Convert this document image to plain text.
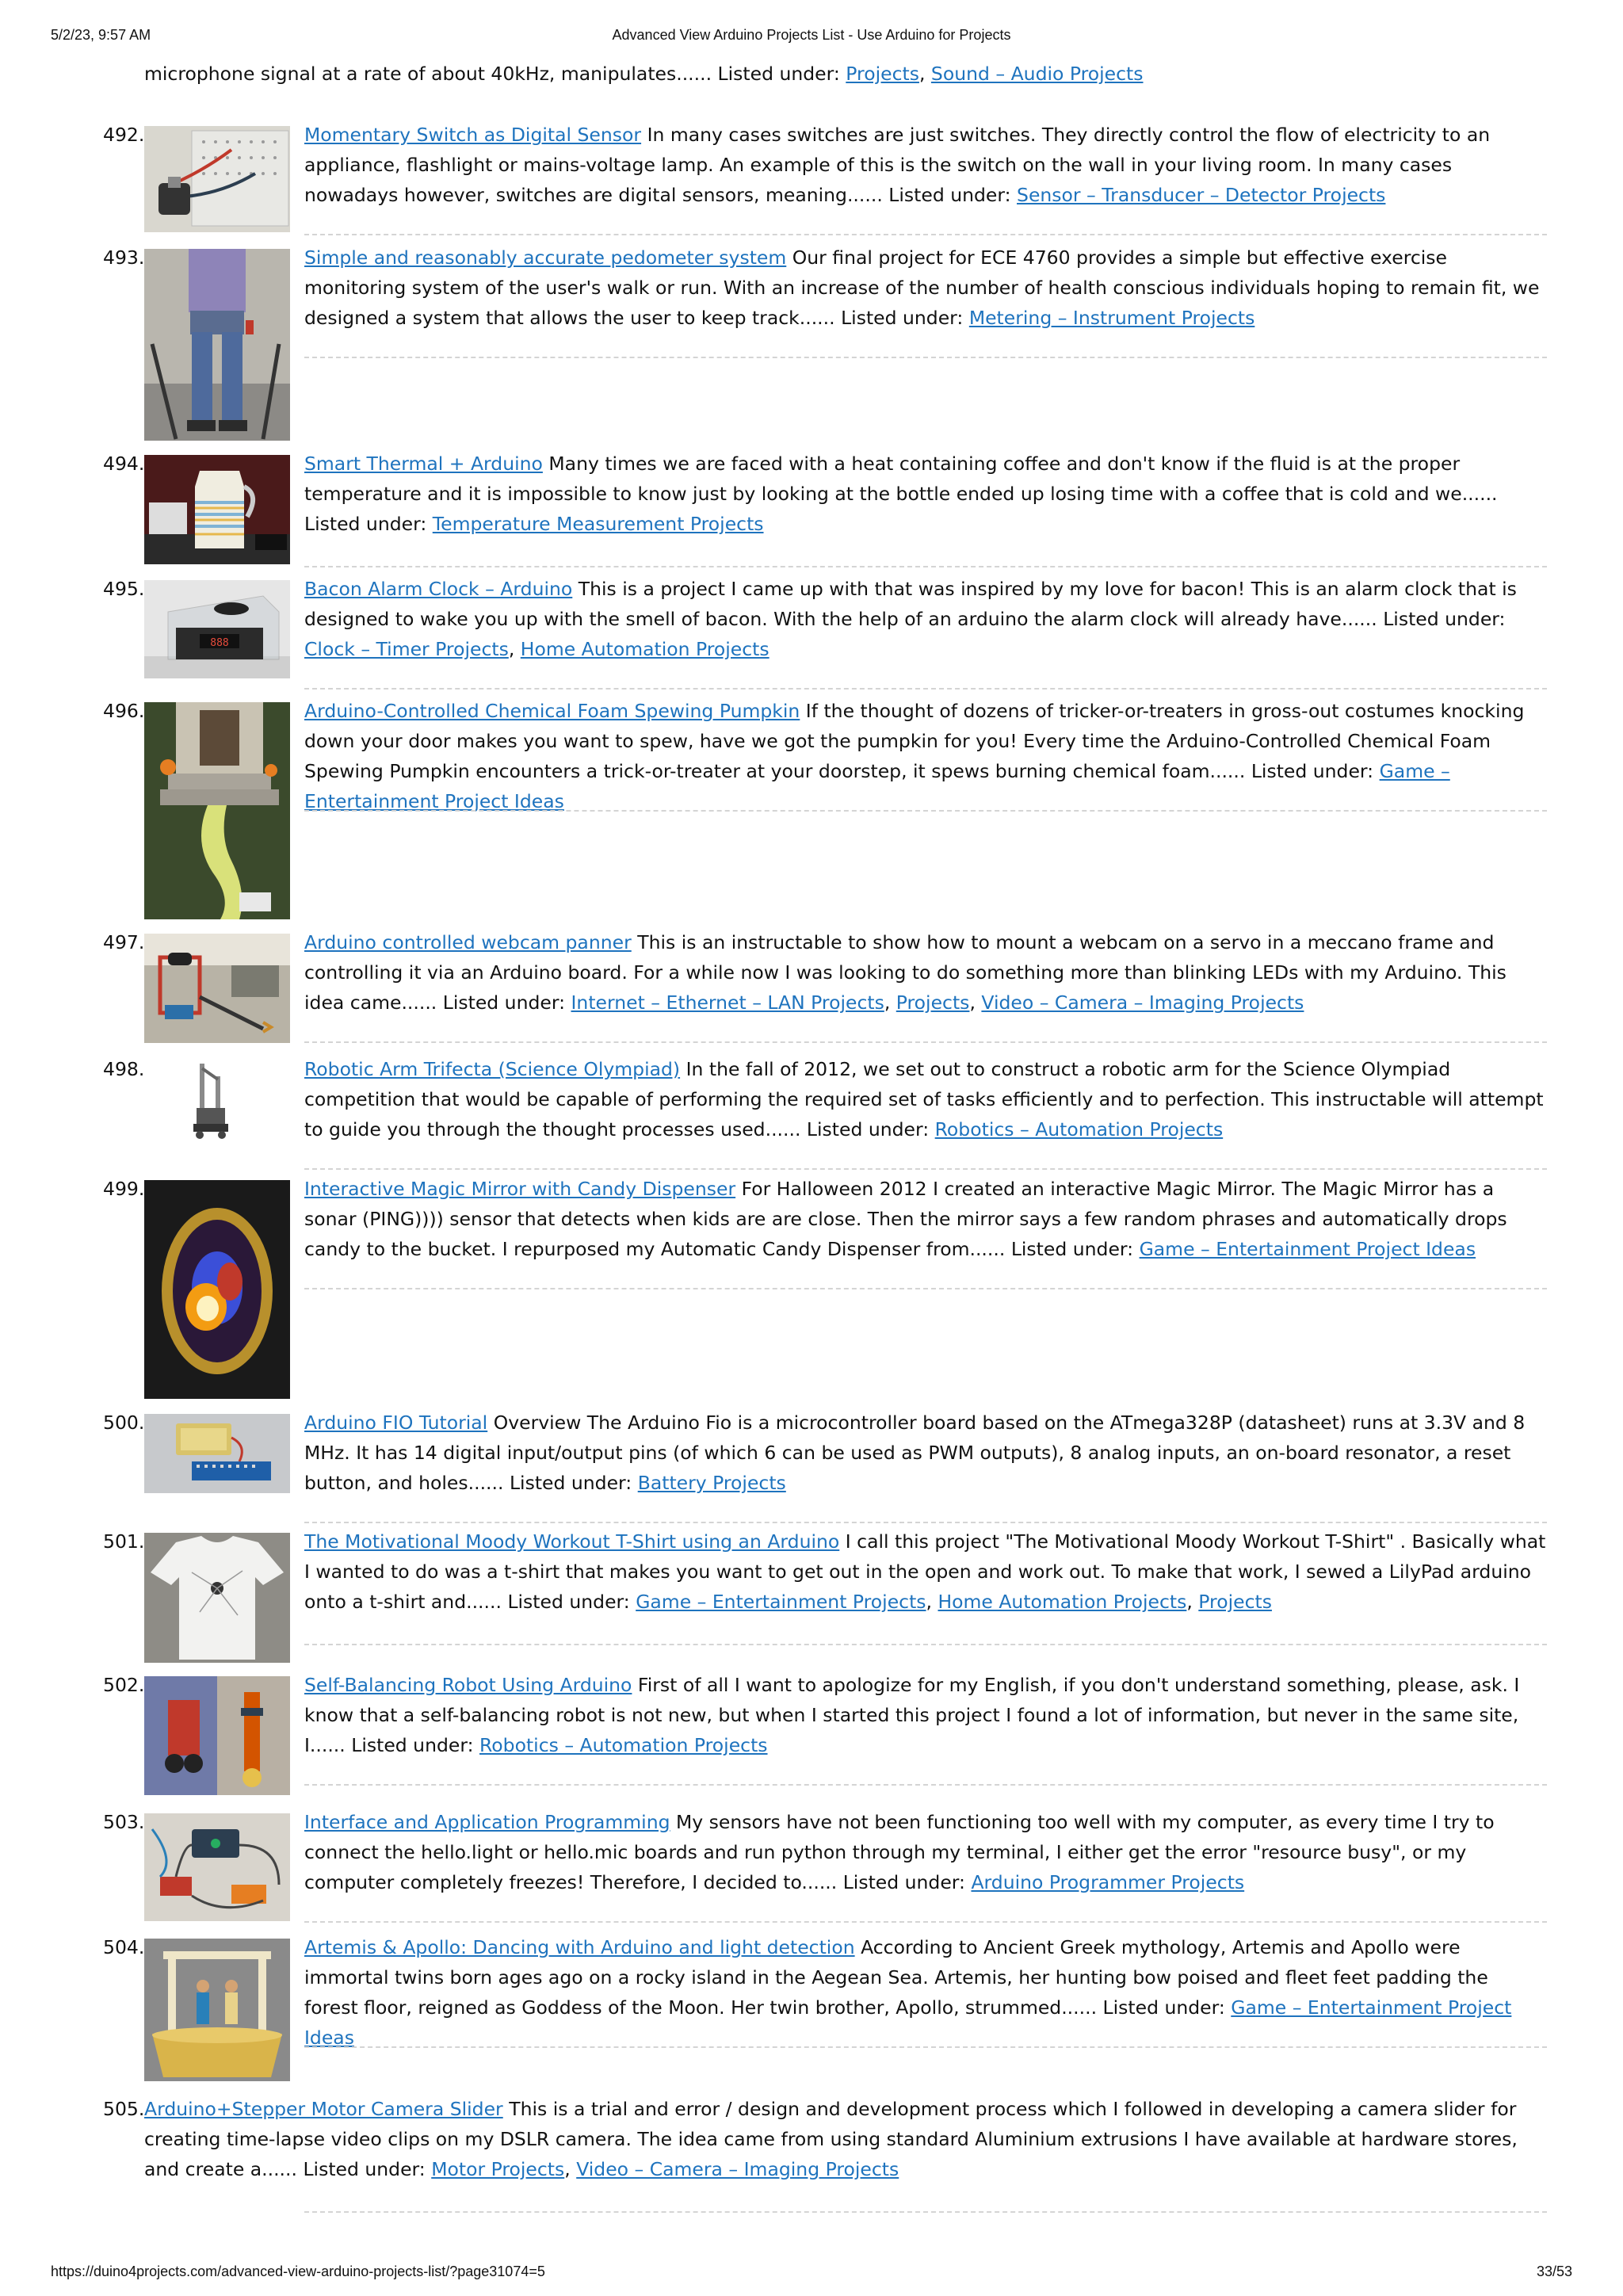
5/2/23, 9:57 AM	Advanced View Arduino Projects List - Use Arduino for Projects
microphone signal at a rate of about 40kHz, manipulates...... Listed under: Projects , Sound – Audio Projects
492.	Momentary Switch as Digital Sensor In many cases switches are just switches. They directly control the flow of electricity to an appliance, flashlight or mains-voltage lamp. An example of this is the switch on the wall in your living room. In many cases nowadays however, switches are digital sensors, meaning...... Listed under: Sensor – Transducer – Detector Projects
493.	Simple and reasonably accurate pedometer system Our final project for ECE 4760 provides a simple but effective exercise monitoring system of the user's walk or run. With an increase of the number of health conscious individuals hoping to remain fit, we designed a system that allows the user to keep track...... Listed under: Metering – Instrument Projects
494.	Smart Thermal + Arduino Many times we are faced with a heat containing coffee and don't know if the fluid is at the proper temperature and it is impossible to know just by looking at the bottle ended up losing time with a coffee that is cold and we...... Listed under: Temperature Measurement Projects
495.
888
Bacon Alarm Clock – Arduino This is a project I came up with that was inspired by my love for bacon! This is an alarm clock that is designed to wake you up with the smell of bacon. With the help of an arduino the alarm clock will already have...... Listed under: Clock – Timer Projects , Home Automation Projects
496.	Arduino-Controlled Chemical Foam Spewing Pumpkin If the thought of dozens of tricker-or-treaters in gross-out costumes knocking down your door makes you want to spew, have we got the pumpkin for you! Every time the Arduino-Controlled Chemical Foam Spewing Pumpkin encounters a trick-or-treater at your doorstep, it spews burning chemical foam...... Listed under: Game – Entertainment Project Ideas
497.	Arduino controlled webcam panner This is an instructable to show how to mount a webcam on a servo in a meccano frame and controlling it via an Arduino board. For a while now I was looking to do something more than blinking LEDs with my Arduino. This idea came...... Listed under: Internet – Ethernet – LAN Projects , Projects , Video – Camera – Imaging Projects
498.	Robotic Arm Trifecta (Science Olympiad) In the fall of 2012, we set out to construct a robotic arm for the Science Olympiad competition that would be capable of performing the required set of tasks efficiently and to perfection. This instructable will attempt to guide you through the thought processes used...... Listed under: Robotics – Automation Projects
499.	Interactive Magic Mirror with Candy Dispenser For Halloween 2012 I created an interactive Magic Mirror. The Magic Mirror has a sonar (PING)))) sensor that detects when kids are are close. Then the mirror says a few random phrases and automatically drops candy to the bucket. I repurposed my Automatic Candy Dispenser from...... Listed under: Game – Entertainment Project Ideas
500.	Arduino FIO Tutorial Overview The Arduino Fio is a microcontroller board based on the ATmega328P (datasheet) runs at 3.3V and 8 MHz. It has 14 digital input/output pins (of which 6 can be used as PWM outputs), 8 analog inputs, an on-board resonator, a reset button, and holes...... Listed under: Battery Projects
501.	The Motivational Moody Workout T-Shirt using an Arduino I call this project "The Motivational Moody Workout T-Shirt" . Basically what I wanted to do was a t-shirt that makes you want to get out in the open and work out. To make that work, I sewed a LilyPad arduino onto a t-shirt and...... Listed under: Game – Entertainment Projects , Home Automation Projects , Projects
502.	Self-Balancing Robot Using Arduino First of all I want to apologize for my English, if you don't understand something, please, ask. I know that a self-balancing robot is not new, but when I started this project I found a lot of information, but never in the same site, I...... Listed under: Robotics – Automation Projects
503.	Interface and Application Programming My sensors have not been functioning too well with my computer, as every time I try to connect the hello.light or hello.mic boards and run python through my terminal, I either get the error "resource busy", or my computer completely freezes! Therefore, I decided to...... Listed under: Arduino Programmer Projects
504.	Artemis & Apollo: Dancing with Arduino and light detection According to Ancient Greek mythology, Artemis and Apollo were immortal twins born ages ago on a rocky island in the Aegean Sea. Artemis, her hunting bow poised and fleet feet padding the forest floor, reigned as Goddess of the Moon. Her twin brother, Apollo, strummed...... Listed under: Game – Entertainment Project Ideas
505. Arduino+Stepper Motor Camera Slider This is a trial and error / design and development process which I followed in developing a camera slider for creating time-lapse video clips on my DSLR camera. The idea came from using standard Aluminium extrusions I have available at hardware stores, and create a...... Listed under: Motor Projects , Video – Camera – Imaging Projects
https://duino4projects.com/advanced-view-arduino-projects-list/?page31074=5	33/53
